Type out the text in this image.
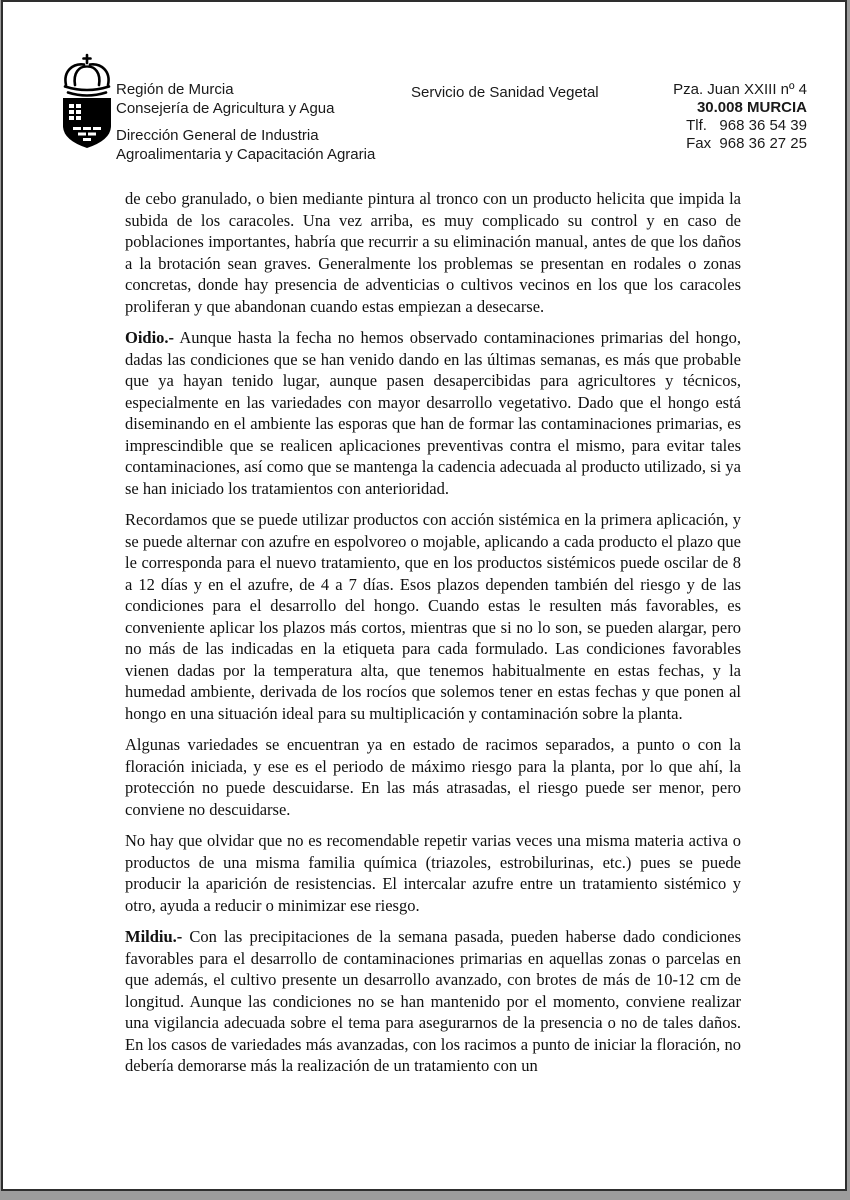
Región de Murcia
Consejería de Agricultura y Agua
Dirección General de Industria
Agroalimentaria y Capacitación Agraria
Servicio de Sanidad Vegetal	Pza. Juan XXIII nº 4
30.008 MURCIA
Tlf.   968 36 54 39
Fax  968 36 27 25

de cebo granulado, o bien mediante pintura al tronco con un producto helicita que impida la subida de los caracoles. Una vez arriba, es muy complicado su control y en caso de poblaciones importantes, habría que recurrir a su eliminación manual, antes de que los daños a la brotación sean graves. Generalmente los problemas se presentan en rodales o zonas concretas, donde hay presencia de adventicias o cultivos vecinos en los que los caracoles proliferan y que abandonan cuando estas empiezan a desecarse.

Oidio.- Aunque hasta la fecha no hemos observado contaminaciones primarias del hongo, dadas las condiciones que se han venido dando en las últimas semanas, es más que probable que ya hayan tenido lugar, aunque pasen desapercibidas para agricultores y técnicos, especialmente en las variedades con mayor desarrollo vegetativo. Dado que el hongo está diseminando en el ambiente las esporas que han de formar las contaminaciones primarias, es imprescindible que se realicen aplicaciones preventivas contra el mismo, para evitar tales contaminaciones, así como que se mantenga la cadencia adecuada al producto utilizado, si ya se han iniciado los tratamientos con anterioridad.

Recordamos que se puede utilizar productos con acción sistémica en la primera aplicación, y se puede alternar con azufre en espolvoreo o mojable, aplicando a cada producto el plazo que le corresponda para el nuevo tratamiento, que en los productos sistémicos puede oscilar de 8 a 12 días y en el azufre, de 4 a 7 días. Esos plazos dependen también del riesgo y de las condiciones para el desarrollo del hongo. Cuando estas le resulten más favorables, es conveniente aplicar los plazos más cortos, mientras que si no lo son, se pueden alargar, pero no más de las indicadas en la etiqueta para cada formulado. Las condiciones favorables vienen dadas por la temperatura alta, que tenemos habitualmente en estas fechas, y la humedad ambiente, derivada de los rocíos que solemos tener en estas fechas y que ponen al hongo en una situación ideal para su multiplicación y contaminación sobre la planta.

Algunas variedades se encuentran ya en estado de racimos separados, a punto o con la floración iniciada, y ese es el periodo de máximo riesgo para la planta, por lo que ahí, la protección no puede descuidarse. En las más atrasadas, el riesgo puede ser menor, pero conviene no descuidarse.

No hay que olvidar que no es recomendable repetir varias veces una misma materia activa o productos de una misma familia química (triazoles, estrobilurinas, etc.) pues se puede producir la aparición de resistencias. El intercalar azufre entre un tratamiento sistémico y otro, ayuda a reducir o minimizar ese riesgo.

Mildiu.- Con las precipitaciones de la semana pasada, pueden haberse dado condiciones favorables para el desarrollo de contaminaciones primarias en aquellas zonas o parcelas en que además, el cultivo presente un desarrollo avanzado, con brotes de más de 10-12 cm de longitud. Aunque las condiciones no se han mantenido por el momento, conviene realizar una vigilancia adecuada sobre el tema para asegurarnos de la presencia o no de tales daños. En los casos de variedades más avanzadas, con los racimos a punto de iniciar la floración, no debería demorarse más la realización de un tratamiento con un
